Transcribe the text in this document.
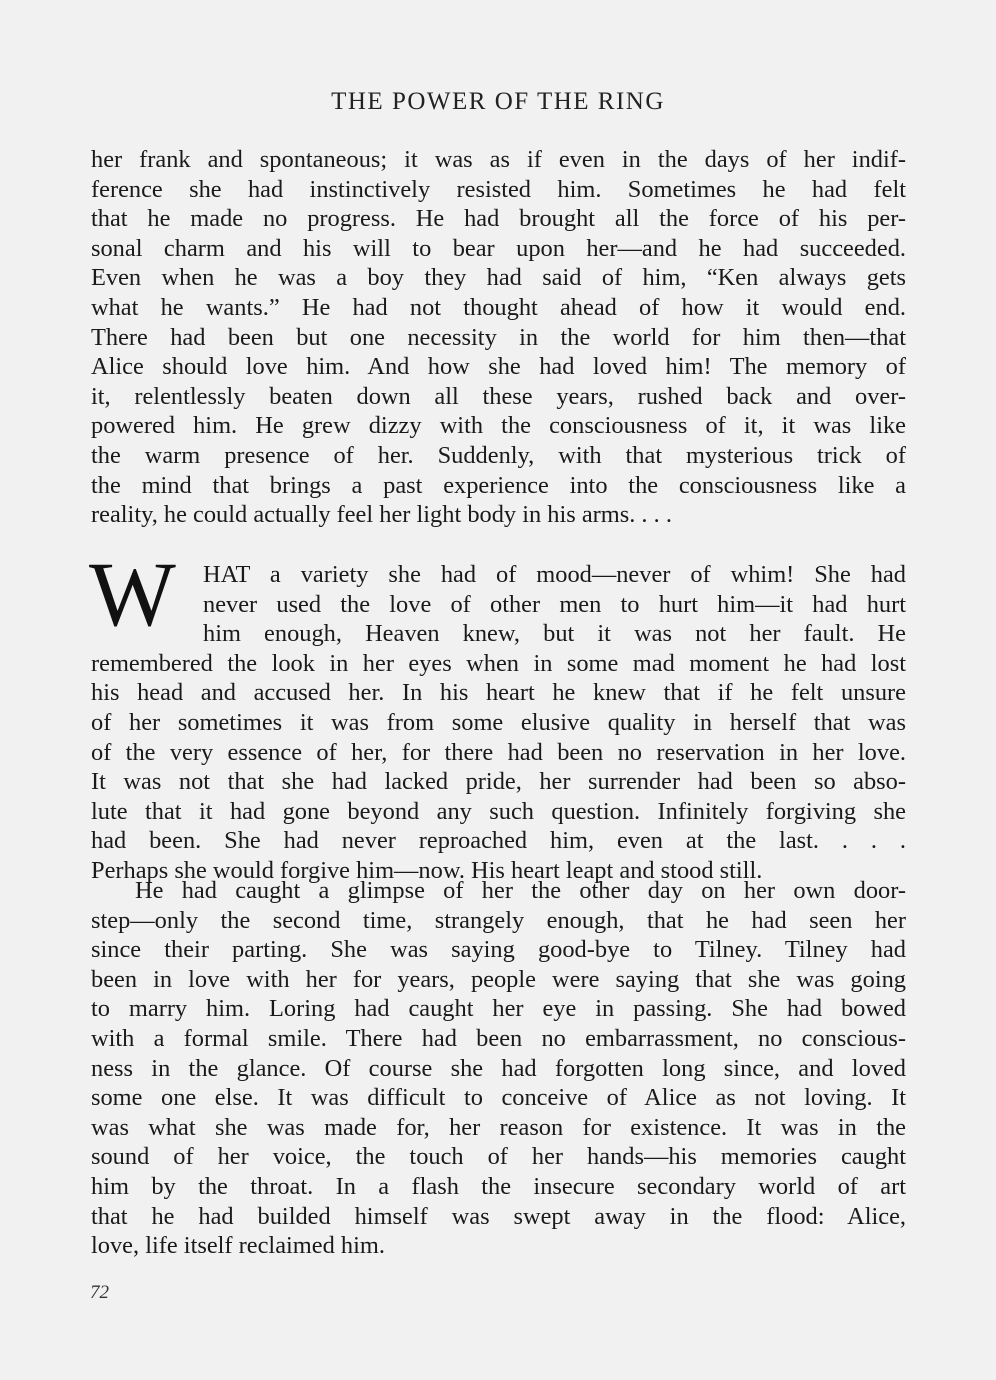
THE POWER OF THE RING
her frank and spontaneous; it was as if even in the days of her indif-
ference she had instinctively resisted him. Sometimes he had felt
that he made no progress. He had brought all the force of his per-
sonal charm and his will to bear upon her—and he had succeeded.
Even when he was a boy they had said of him, “Ken always gets
what he wants.” He had not thought ahead of how it would end.
There had been but one necessity in the world for him then—that
Alice should love him. And how she had loved him! The memory of
it, relentlessly beaten down all these years, rushed back and over-
powered him. He grew dizzy with the consciousness of it, it was like
the warm presence of her. Suddenly, with that mysterious trick of
the mind that brings a past experience into the consciousness like a
reality, he could actually feel her light body in his arms. . . .
W	HAT a variety she had of mood—never of whim! She had
never used the love of other men to hurt him—it had hurt
him enough, Heaven knew, but it was not her fault. He
remembered the look in her eyes when in some mad moment he had lost
his head and accused her. In his heart he knew that if he felt unsure
of her sometimes it was from some elusive quality in herself that was
of the very essence of her, for there had been no reservation in her love.
It was not that she had lacked pride, her surrender had been so abso-
lute that it had gone beyond any such question. Infinitely forgiving she
had been. She had never reproached him, even at the last. . . .
Perhaps she would forgive him—now. His heart leapt and stood still.
He had caught a glimpse of her the other day on her own door-
step—only the second time, strangely enough, that he had seen her
since their parting. She was saying good-bye to Tilney. Tilney had
been in love with her for years, people were saying that she was going
to marry him. Loring had caught her eye in passing. She had bowed
with a formal smile. There had been no embarrassment, no conscious-
ness in the glance. Of course she had forgotten long since, and loved
some one else. It was difficult to conceive of Alice as not loving. It
was what she was made for, her reason for existence. It was in the
sound of her voice, the touch of her hands—his memories caught
him by the throat. In a flash the insecure secondary world of art
that he had builded himself was swept away in the flood: Alice,
love, life itself reclaimed him.
72
